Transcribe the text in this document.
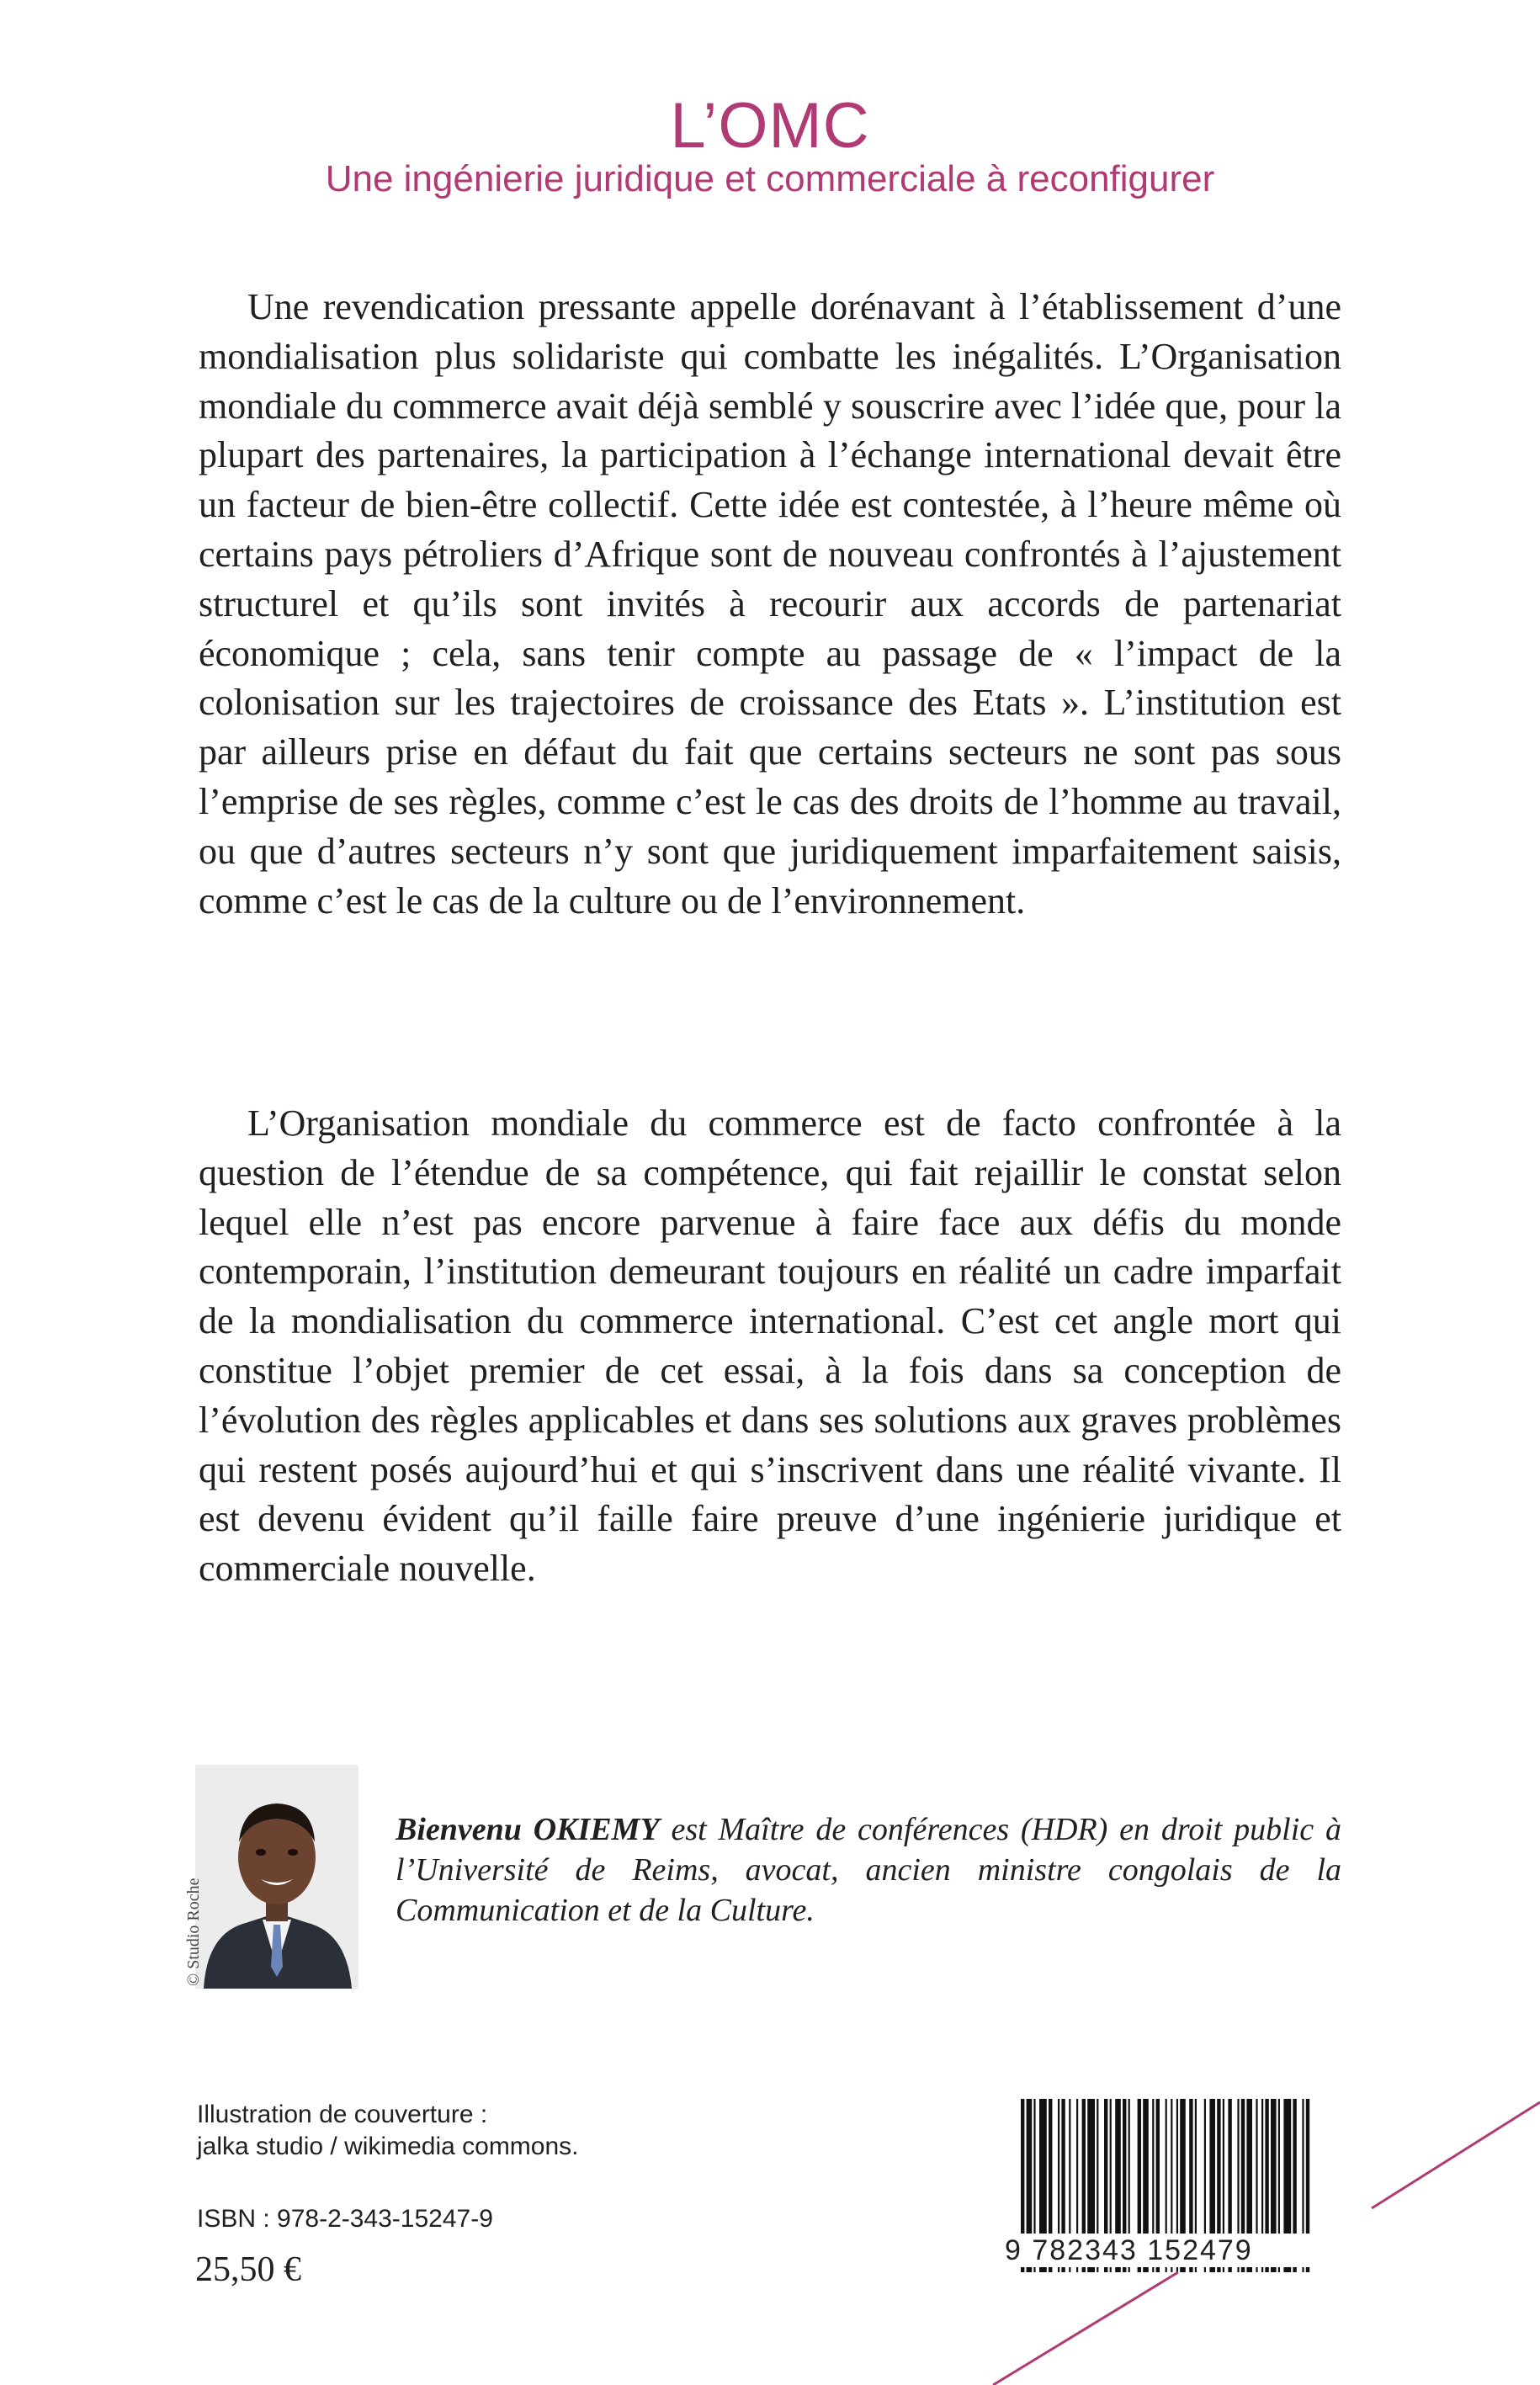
L’OMC
Une ingénierie juridique et commerciale à reconfigurer

Une revendication pressante appelle dorénavant à l’établissement d’une mondialisation plus solidariste qui combatte les inégalités. L’Organisation mondiale du commerce avait déjà semblé y souscrire avec l’idée que, pour la plupart des partenaires, la participation à l’échange international devait être un facteur de bien-être collectif. Cette idée est contestée, à l’heure même où certains pays pétroliers d’Afrique sont de nouveau confrontés à l’ajustement structurel et qu’ils sont invités à recourir aux accords de partenariat économique ; cela, sans tenir compte au passage de « l’impact de la colonisation sur les trajectoires de croissance des Etats ». L’institution est par ailleurs prise en défaut du fait que certains secteurs ne sont pas sous l’emprise de ses règles, comme c’est le cas des droits de l’homme au travail, ou que d’autres secteurs n’y sont que juridiquement imparfaitement saisis, comme c’est le cas de la culture ou de l’environnement.

L’Organisation mondiale du commerce est de facto confrontée à la question de l’étendue de sa compétence, qui fait rejaillir le constat selon lequel elle n’est pas encore parvenue à faire face aux défis du monde contemporain, l’institution demeurant toujours en réalité un cadre imparfait de la mondialisation du commerce international. C’est cet angle mort qui constitue l’objet premier de cet essai, à la fois dans sa conception de l’évolution des règles applicables et dans ses solutions aux graves problèmes qui restent posés aujourd’hui et qui s’inscrivent dans une réalité vivante. Il est devenu évident qu’il faille faire preuve d’une ingénierie juridique et commerciale nouvelle.

© Studio Roche
Bienvenu OKIEMY est Maître de conférences (HDR) en droit public à l’Université de Reims, avocat, ancien ministre congolais de la Communication et de la Culture.
Illustration de couverture :
jalka studio / wikimedia commons.
ISBN : 978-2-343-15247-9
25,50 €	9 782343 152479
